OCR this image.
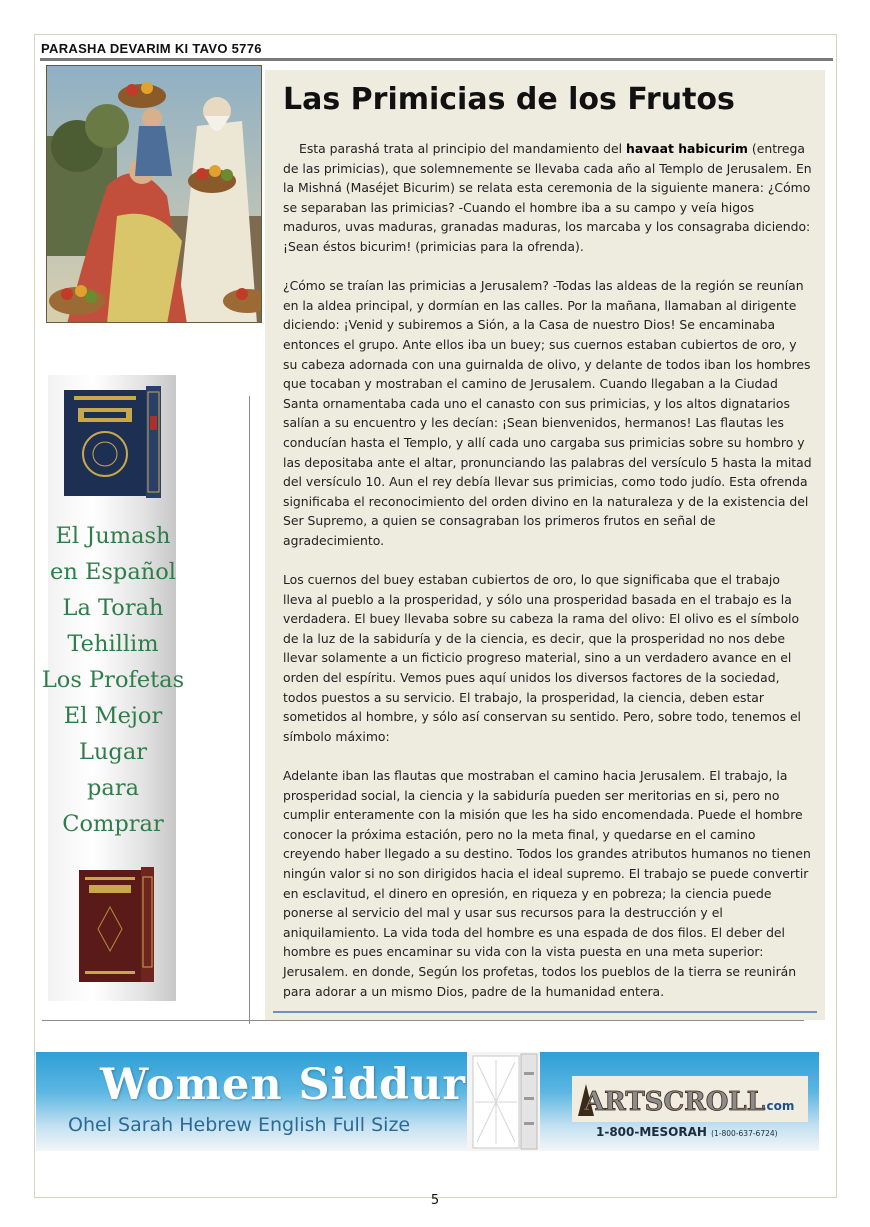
PARASHA DEVARIM KI TAVO 5776
Las Primicias de los Frutos

Esta parashá trata al principio del mandamiento del havaat habicurim (entrega de las primicias), que solemnemente se llevaba cada año al Templo de Jerusalem. En la Mishná (Maséjet Bicurim) se relata esta ceremonia de la siguiente manera: ¿Cómo se separaban las primicias? -Cuando el hombre iba a su campo y veía higos maduros, uvas maduras, granadas maduras, los marcaba y los consagraba diciendo: ¡Sean éstos bicurim! (primicias para la ofrenda).

¿Cómo se traían las primicias a Jerusalem? -Todas las aldeas de la región se reunían en la aldea principal, y dormían en las calles. Por la mañana, llamaban al dirigente diciendo: ¡Venid y subiremos a Sión, a la Casa de nuestro Dios! Se encaminaba entonces el grupo. Ante ellos iba un buey; sus cuernos estaban cubiertos de oro, y su cabeza adornada con una guirnalda de olivo, y delante de todos iban los hombres que tocaban y mostraban el camino de Jerusalem. Cuando llegaban a la Ciudad Santa ornamentaba cada uno el canasto con sus primicias, y los altos dignatarios salían a su encuentro y les decían: ¡Sean bienvenidos, hermanos! Las flautas les conducían hasta el Templo, y allí cada uno cargaba sus primicias sobre su hombro y las depositaba ante el altar, pronunciando las palabras del versículo 5 hasta la mitad del versículo 10. Aun el rey debía llevar sus primicias, como todo judío. Esta ofrenda significaba el reconocimiento del orden divino en la naturaleza y de la existencia del Ser Supremo, a quien se consagraban los primeros frutos en señal de agradecimiento.

Los cuernos del buey estaban cubiertos de oro, lo que significaba que el trabajo lleva al pueblo a la prosperidad, y sólo una prosperidad basada en el trabajo es la verdadera. El buey llevaba sobre su cabeza la rama del olivo: El olivo es el símbolo de la luz de la sabiduría y de la ciencia, es decir, que la prosperidad no nos debe llevar solamente a un ficticio progreso material, sino a un verdadero avance en el orden del espíritu. Vemos pues aquí unidos los diversos factores de la sociedad, todos puestos a su servicio. El trabajo, la prosperidad, la ciencia, deben estar sometidos al hombre, y sólo así conservan su sentido. Pero, sobre todo, tenemos el símbolo máximo:

Adelante iban las flautas que mostraban el camino hacia Jerusalem. El trabajo, la prosperidad social, la ciencia y la sabiduría pueden ser meritorias en si, pero no cumplir enteramente con la misión que les ha sido encomendada. Puede el hombre conocer la próxima estación, pero no la meta final, y quedarse en el camino creyendo haber llegado a su destino. Todos los grandes atributos humanos no tienen ningún valor si no son dirigidos hacia el ideal supremo. El trabajo se puede convertir en esclavitud, el dinero en opresión, en riqueza y en pobreza; la ciencia puede ponerse al servicio del mal y usar sus recursos para la destrucción y el aniquilamiento. La vida toda del hombre es una espada de dos filos. El deber del hombre es pues encaminar su vida con la vista puesta en una meta superior: Jerusalem. en donde, Según los profetas, todos los pueblos de la tierra se reunirán para adorar a un mismo Dios, padre de la humanidad entera.

El Jumash
en Español
La Torah
Tehillim
Los Profetas
El Mejor
Lugar
para
Comprar
Women Siddur
Ohel Sarah Hebrew English Full Size
ARTSCROLL
.com
1-800-MESORAH (1-800-637-6724)
5
